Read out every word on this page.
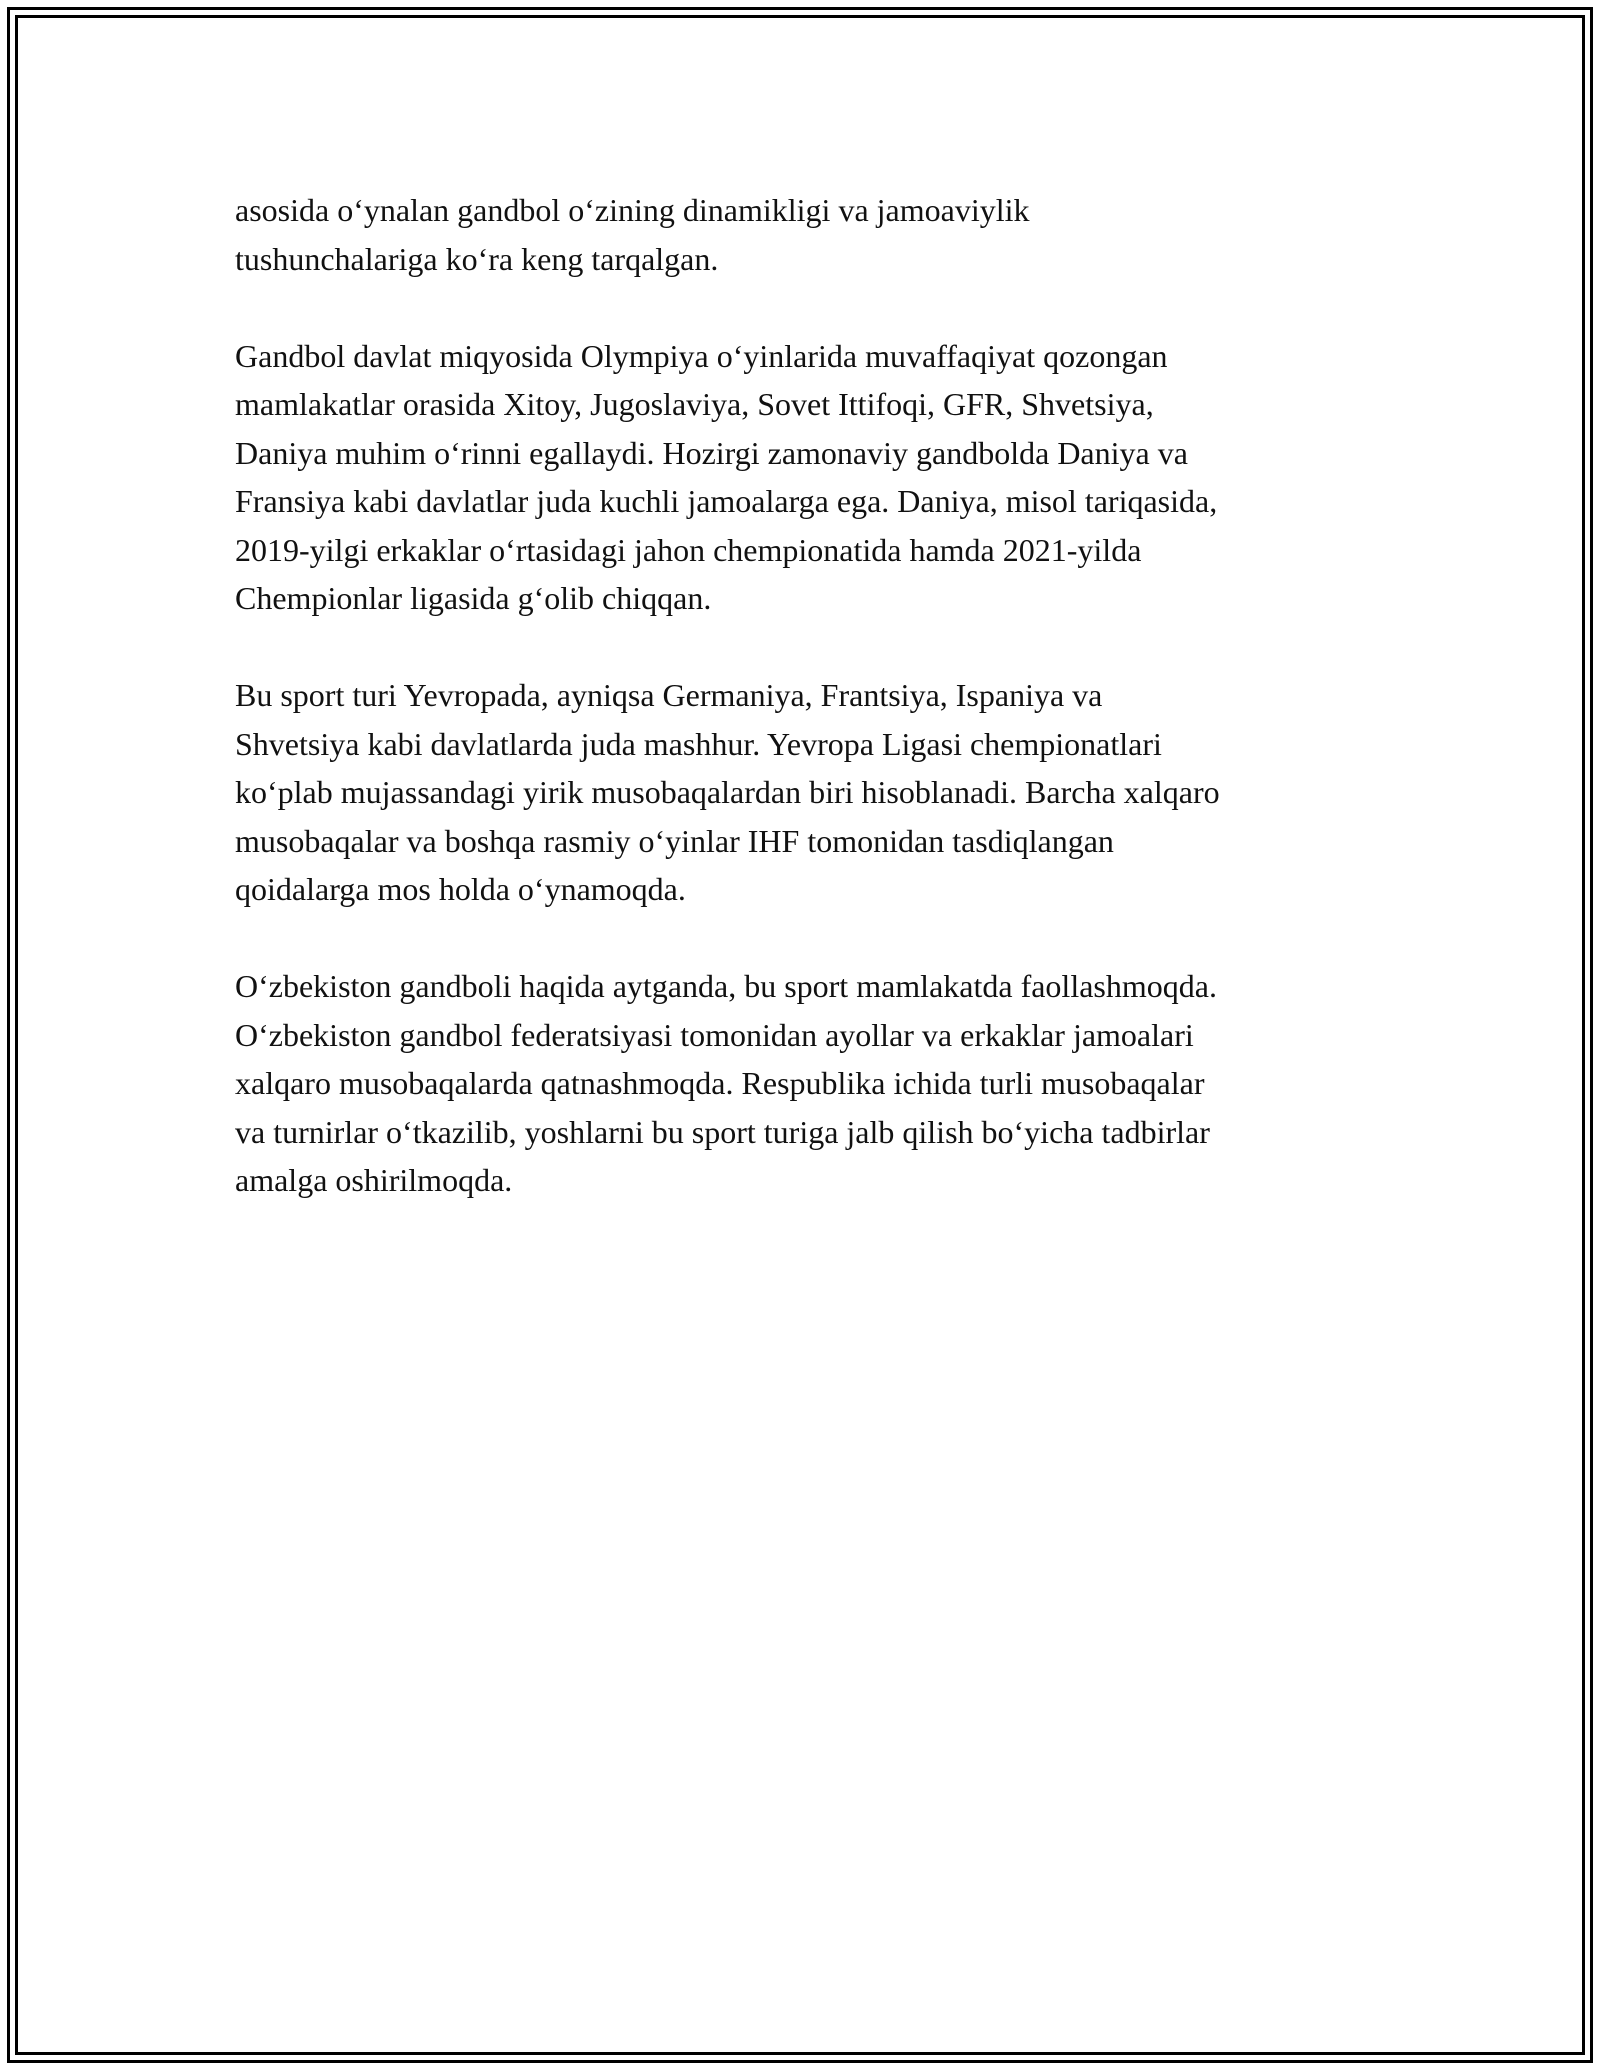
asosida o‘ynalan gandbol o‘zining dinamikligi va jamoaviylik
tushunchalariga ko‘ra keng tarqalgan.

Gandbol davlat miqyosida Olympiya o‘yinlarida muvaffaqiyat qozongan
mamlakatlar orasida Xitoy, Jugoslaviya, Sovet Ittifoqi, GFR, Shvetsiya,
Daniya muhim o‘rinni egallaydi. Hozirgi zamonaviy gandbolda Daniya va
Fransiya kabi davlatlar juda kuchli jamoalarga ega. Daniya, misol tariqasida,
2019-yilgi erkaklar o‘rtasidagi jahon chempionatida hamda 2021-yilda
Chempionlar ligasida g‘olib chiqqan.

Bu sport turi Yevropada, ayniqsa Germaniya, Frantsiya, Ispaniya va
Shvetsiya kabi davlatlarda juda mashhur. Yevropa Ligasi chempionatlari
ko‘plab mujassandagi yirik musobaqalardan biri hisoblanadi. Barcha xalqaro
musobaqalar va boshqa rasmiy o‘yinlar IHF tomonidan tasdiqlangan
qoidalarga mos holda o‘ynamoqda.

O‘zbekiston gandboli haqida aytganda, bu sport mamlakatda faollashmoqda.
O‘zbekiston gandbol federatsiyasi tomonidan ayollar va erkaklar jamoalari
xalqaro musobaqalarda qatnashmoqda. Respublika ichida turli musobaqalar
va turnirlar o‘tkazilib, yoshlarni bu sport turiga jalb qilish bo‘yicha tadbirlar
amalga oshirilmoqda.
